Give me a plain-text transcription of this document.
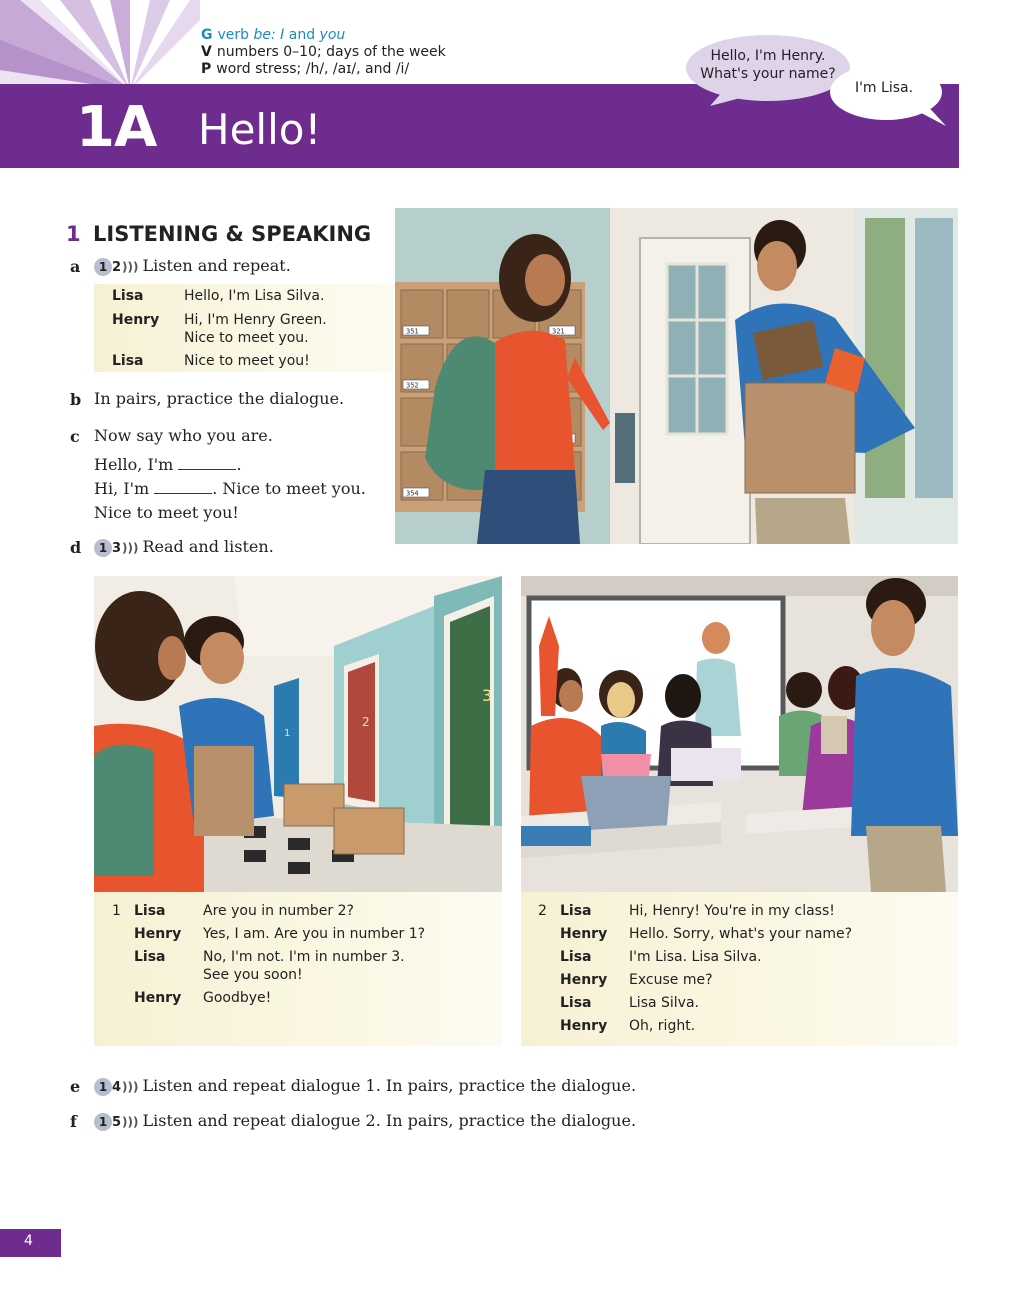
1A Hello!
G verb be: I and you
V numbers 0–10; days of the week
P word stress; /h/, /aɪ/, and /i/
Hello, I'm Henry.
What's your name?
I'm Lisa.
1 LISTENING & SPEAKING
a	1 2))) Listen and repeat.
Lisa	Hello, I'm Lisa Silva.
Henry Hi, I'm Henry Green.
Nice to meet you.
Lisa	Nice to meet you!
b In pairs, practice the dialogue.
c Now say who you are.
Hello, I'm	.
Hi, I'm	. Nice to meet you.
Nice to meet you!
d	1 3))) Read and listen.
351	321
352
354
2
3
1
1 Lisa	Are you in number 2?
Henry Yes, I am. Are you in number 1?
Lisa	No, I'm not. I'm in number 3.
See you soon!
Henry Goodbye!
2 Lisa	Hi, Henry! You're in my class!
Henry Hello. Sorry, what's your name?
Lisa	I'm Lisa. Lisa Silva.
Henry Excuse me?
Lisa	Lisa Silva.
Henry Oh, right.
e	1 4))) Listen and repeat dialogue 1. In pairs, practice the dialogue.
f	1 5))) Listen and repeat dialogue 2. In pairs, practice the dialogue.
4
